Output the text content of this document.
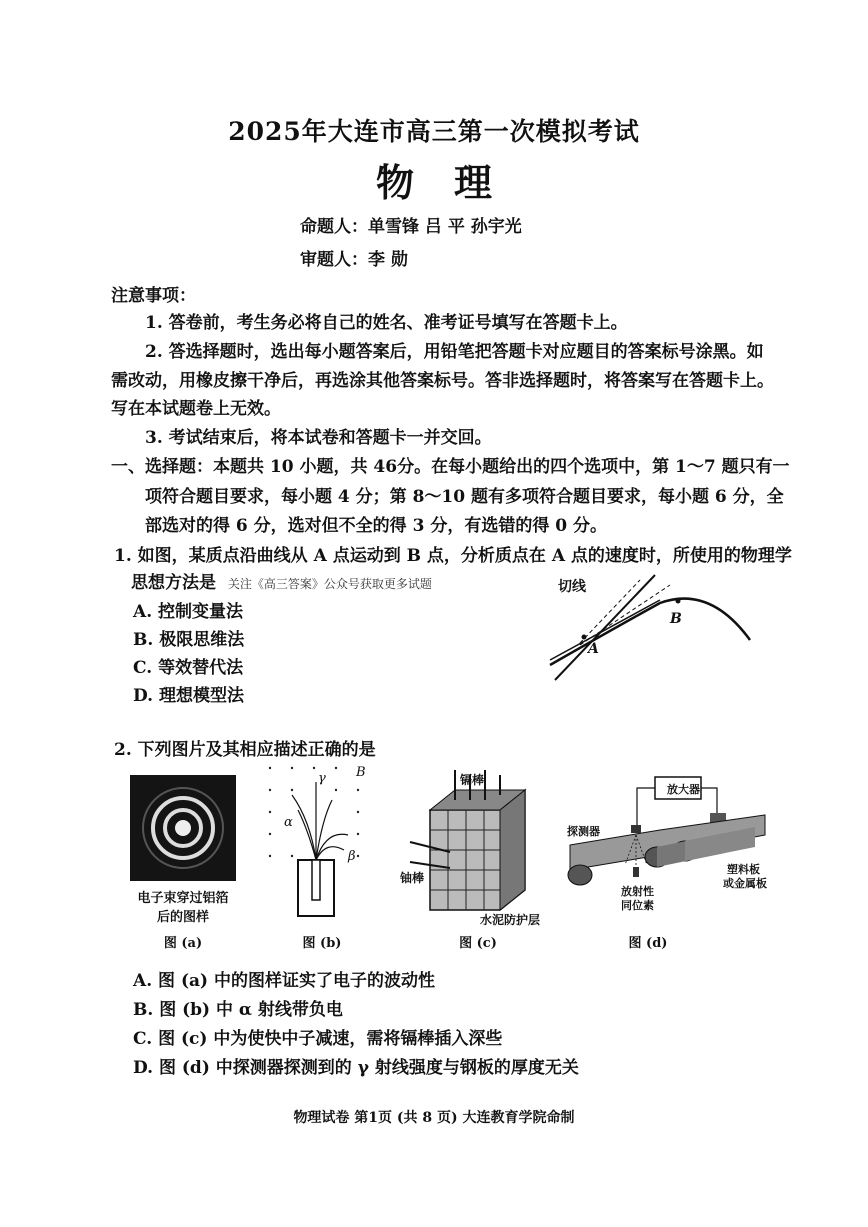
2025年大连市高三第一次模拟考试
物理
命题人：单雪锋 吕 平 孙宇光
审题人：李 勋
注意事项：
1. 答卷前，考生务必将自己的姓名、准考证号填写在答题卡上。
2. 答选择题时，选出每小题答案后，用铅笔把答题卡对应题目的答案标号涂黑。如
需改动，用橡皮擦干净后，再选涂其他答案标号。答非选择题时，将答案写在答题卡上。
写在本试题卷上无效。
3. 考试结束后，将本试卷和答题卡一并交回。
一、选择题：本题共 10 小题，共 46分。在每小题给出的四个选项中，第 1～7 题只有一
项符合题目要求，每小题 4 分；第 8～10 题有多项符合题目要求，每小题 6 分，全
部选对的得 6 分，选对但不全的得 3 分，有选错的得 0 分。
1. 如图，某质点沿曲线从 A 点运动到 B 点，分析质点在 A 点的速度时，所使用的物理学
思想方法是 关注《高三答案》公众号获取更多试题
A. 控制变量法
B. 极限思维法
C. 等效替代法
D. 理想模型法
切线
A
B
2. 下列图片及其相应描述正确的是
电子束穿过铝箔
后的图样
图 (a)
γ
α
β
B
图 (b)
镉棒
铀棒
水泥防护层
图 (c)
放大器
探测器
塑料板
或金属板
放射性
同位素
图 (d)
A. 图 (a) 中的图样证实了电子的波动性
B. 图 (b) 中 α 射线带负电
C. 图 (c) 中为使快中子减速，需将镉棒插入深些
D. 图 (d) 中探测器探测到的 γ 射线强度与钢板的厚度无关
物理试卷 第1页 (共 8 页) 大连教育学院命制
